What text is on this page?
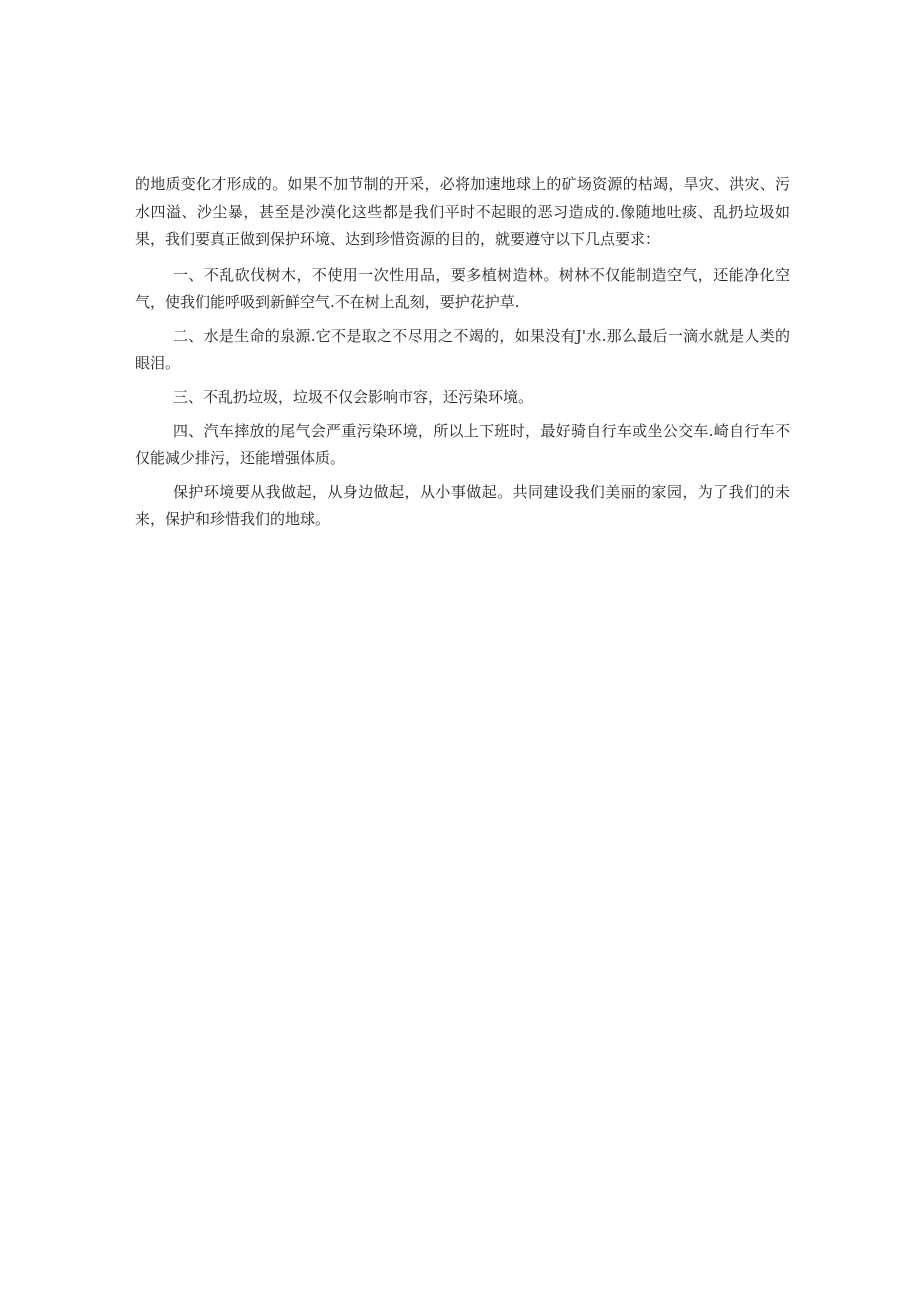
的地质变化才形成的。如果不加节制的开采，必将加速地球上的矿场资源的枯竭，旱灾、洪灾、污水四溢、沙尘暴，甚至是沙漠化这些都是我们平时不起眼的恶习造成的.像随地吐痰、乱扔垃圾如果，我们要真正做到保护环境、达到珍惜资源的目的，就要遵守以下几点要求：

一、不乱砍伐树木，不使用一次性用品，要多植树造林。树林不仅能制造空气，还能净化空气，使我们能呼吸到新鲜空气.不在树上乱刻，要护花护草.

二、水是生命的泉源.它不是取之不尽用之不竭的，如果没有J'水.那么最后一滴水就是人类的眼泪。

三、不乱扔垃圾，垃圾不仅会影响市容，还污染环境。

四、汽车摔放的尾气会严重污染环境，所以上下班时，最好骑自行车或坐公交车.崎自行车不仅能减少排污，还能增强体质。

保护环境要从我做起，从身边做起，从小事做起。共同建设我们美丽的家园，为了我们的未来，保护和珍惜我们的地球。
